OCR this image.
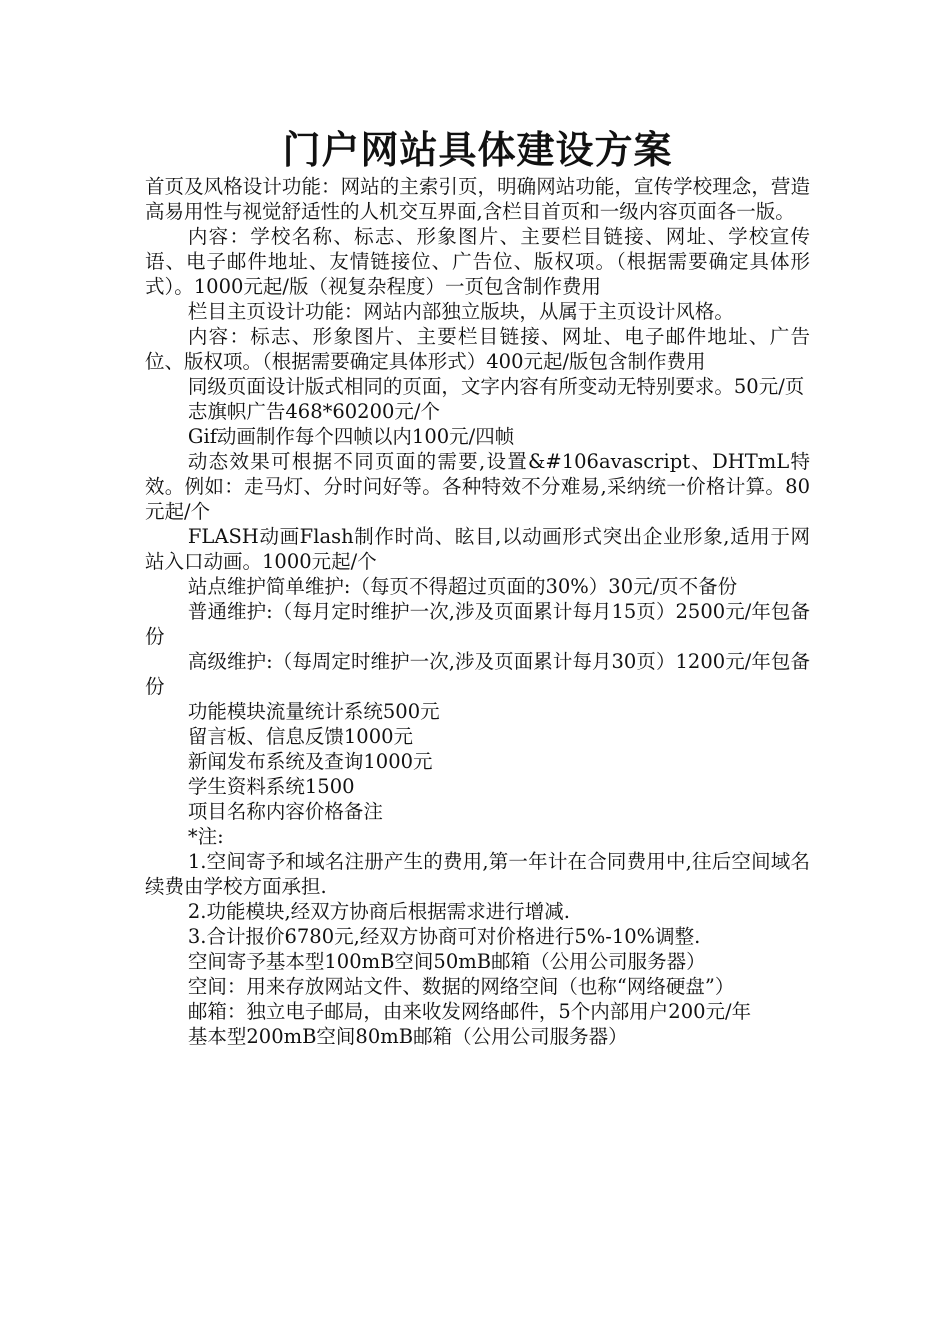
门户网站具体建设方案

首页及风格设计功能：网站的主索引页，明确网站功能，宣传学校理念，营造高易用性与视觉舒适性的人机交互界面,含栏目首页和一级内容页面各一版。

内容：学校名称、标志、形象图片、主要栏目链接、网址、学校宣传语、电子邮件地址、友情链接位、广告位、版权项。（根据需要确定具体形式）。1000元起/版（视复杂程度）一页包含制作费用

栏目主页设计功能：网站内部独立版块，从属于主页设计风格。

内容：标志、形象图片、主要栏目链接、网址、电子邮件地址、广告位、版权项。（根据需要确定具体形式）400元起/版包含制作费用

同级页面设计版式相同的页面，文字内容有所变动无特别要求。50元/页

志旗帜广告468*60200元/个

Gif动画制作每个四帧以内100元/四帧

动态效果可根据不同页面的需要,设置&#106avascript、DHTmL特效。例如：走马灯、分时问好等。各种特效不分难易,采纳统一价格计算。80元起/个

FLASH动画Flash制作时尚、眩目,以动画形式突出企业形象,适用于网站入口动画。1000元起/个

站点维护简单维护:（每页不得超过页面的30%）30元/页不备份

普通维护:（每月定时维护一次,涉及页面累计每月15页）2500元/年包备份

高级维护:（每周定时维护一次,涉及页面累计每月30页）1200元/年包备份

功能模块流量统计系统500元

留言板、信息反馈1000元

新闻发布系统及查询1000元

学生资料系统1500

项目名称内容价格备注

*注:

1.空间寄予和域名注册产生的费用,第一年计在合同费用中,往后空间域名续费由学校方面承担.

2.功能模块,经双方协商后根据需求进行增减.

3.合计报价6780元,经双方协商可对价格进行5%-10%调整.

空间寄予基本型100mB空间50mB邮箱（公用公司服务器）

空间：用来存放网站文件、数据的网络空间（也称“网络硬盘”）

邮箱：独立电子邮局，由来收发网络邮件，5个内部用户200元/年

基本型200mB空间80mB邮箱（公用公司服务器）
